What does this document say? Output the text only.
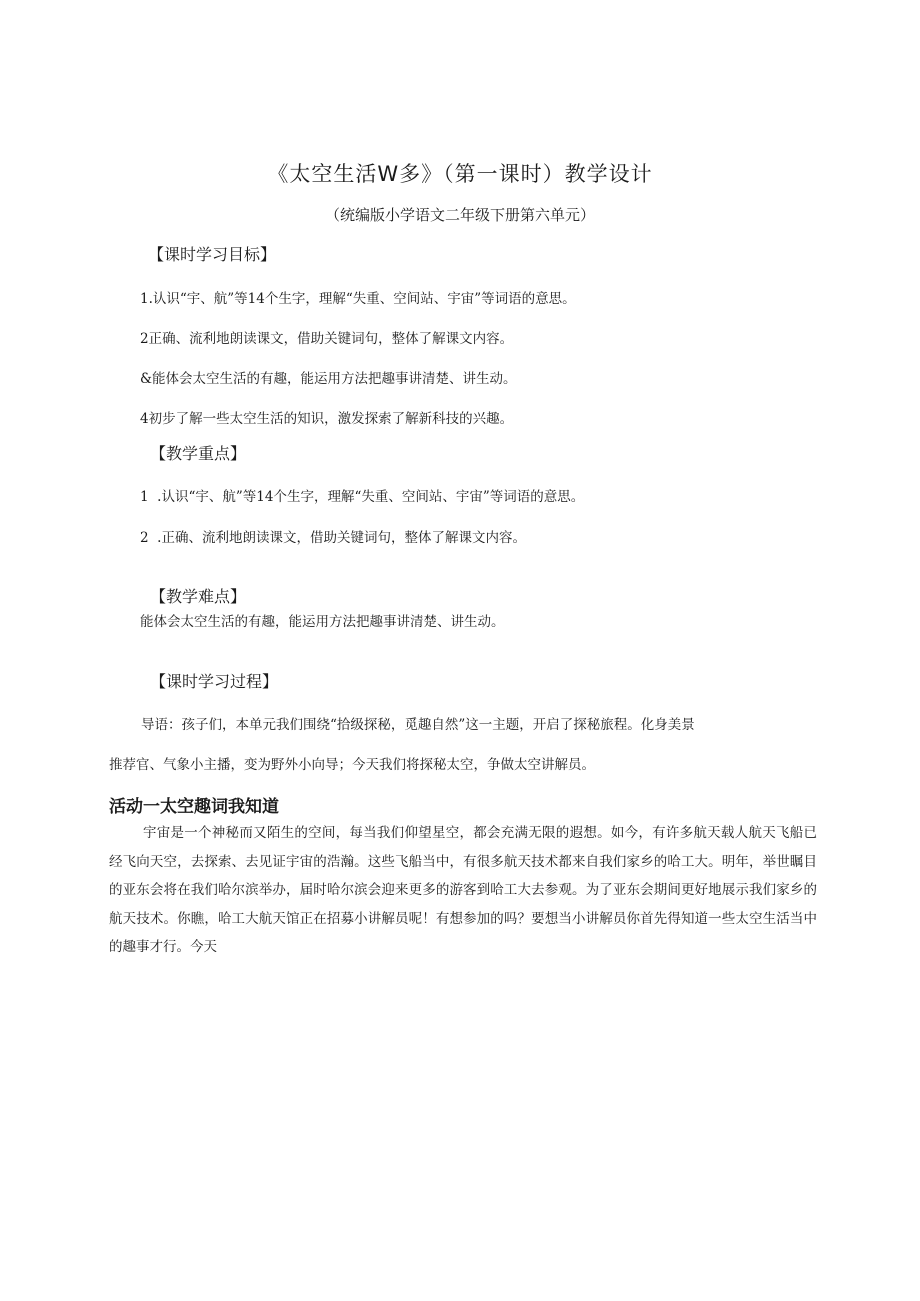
《太空生活W多》（第一课时）教学设计
（统编版小学语文二年级下册第六单元）
【课时学习目标】
1.认识“宇、航”等14个生字，理解“失重、空间站、宇宙”等词语的意思。
2正确、流利地朗读课文，借助关键词句，整体了解课文内容。
&能体会太空生活的有趣，能运用方法把趣事讲清楚、讲生动。
4初步了解一些太空生活的知识，激发探索了解新科技的兴趣。
【教学重点】
1  .认识“宇、航”等14个生字，理解“失重、空间站、宇宙”等词语的意思。
2  .正确、流利地朗读课文，借助关键词句，整体了解课文内容。
【教学难点】
能体会太空生活的有趣，能运用方法把趣事讲清楚、讲生动。
【课时学习过程】
导语：孩子们，本单元我们围绕“拾级探秘，觅趣自然”这一主题，开启了探秘旅程。化身美景
推荐官、气象小主播，变为野外小向导；今天我们将探秘太空，争做太空讲解员。
活动一太空趣词我知道
宇宙是一个神秘而又陌生的空间，每当我们仰望星空，都会充满无限的遐想。如今，有许多航天载人航天飞船已经飞向天空，去探索、去见证宇宙的浩瀚。这些飞船当中，有很多航天技术都来自我们家乡的哈工大。明年，举世瞩目的亚东会将在我们哈尔滨举办，届时哈尔滨会迎来更多的游客到哈工大去参观。为了亚东会期间更好地展示我们家乡的航天技术。你瞧，哈工大航天馆正在招募小讲解员呢！有想参加的吗？要想当小讲解员你首先得知道一些太空生活当中的趣事才行。今天
